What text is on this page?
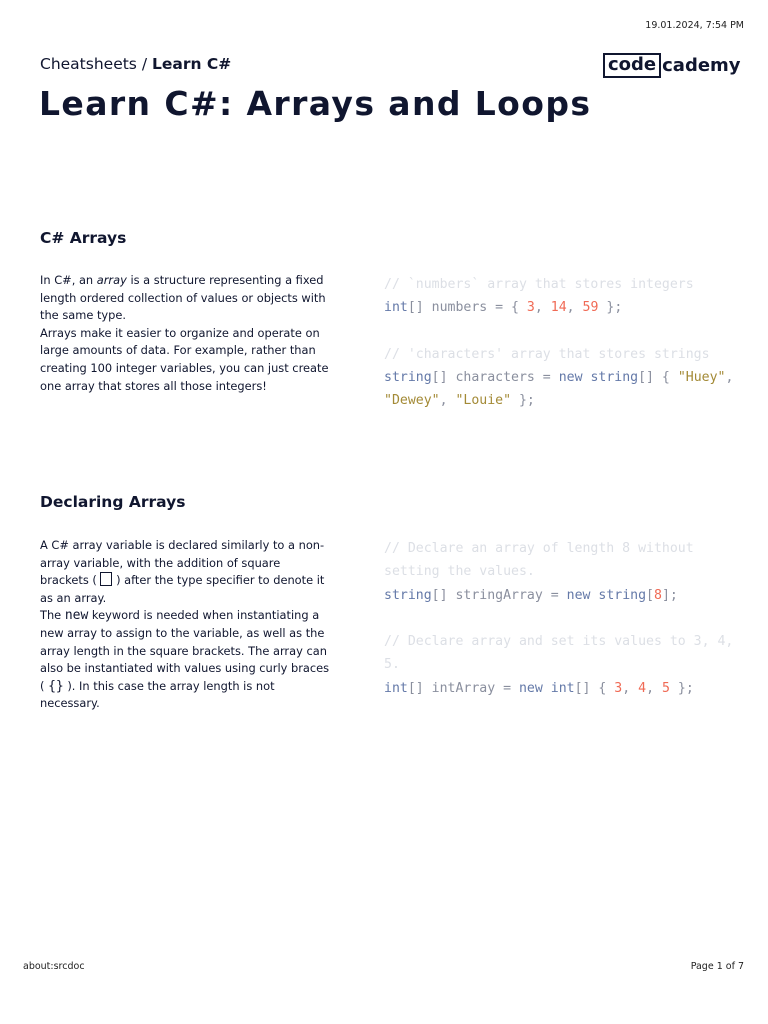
19.01.2024, 7:54 PM
Cheatsheets / Learn C#	code cademy
Learn C#: Arrays and Loops
C# Arrays

In C#, an array is a structure representing a fixed length ordered collection of values or objects with the same type.

Arrays make it easier to organize and operate on large amounts of data. For example, rather than creating 100 integer variables, you can just create one array that stores all those integers!

// `numbers` array that stores integers
int[] numbers = { 3, 14, 59 };
// 'characters' array that stores strings
string[] characters = new string[] { "Huey", "Dewey", "Louie" };
Declaring Arrays

A C# array variable is declared similarly to a non-array variable, with the addition of square brackets (  ) after the type specifier to denote it as an array.

The new keyword is needed when instantiating a new array to assign to the variable, as well as the array length in the square brackets. The array can also be instantiated with values using curly braces ( {} ). In this case the array length is not necessary.

// Declare an array of length 8 without setting the values.
string[] stringArray = new string[8];
// Declare array and set its values to 3, 4, 5.
int[] intArray = new int[] { 3, 4, 5 };
about:srcdoc	Page 1 of 7
